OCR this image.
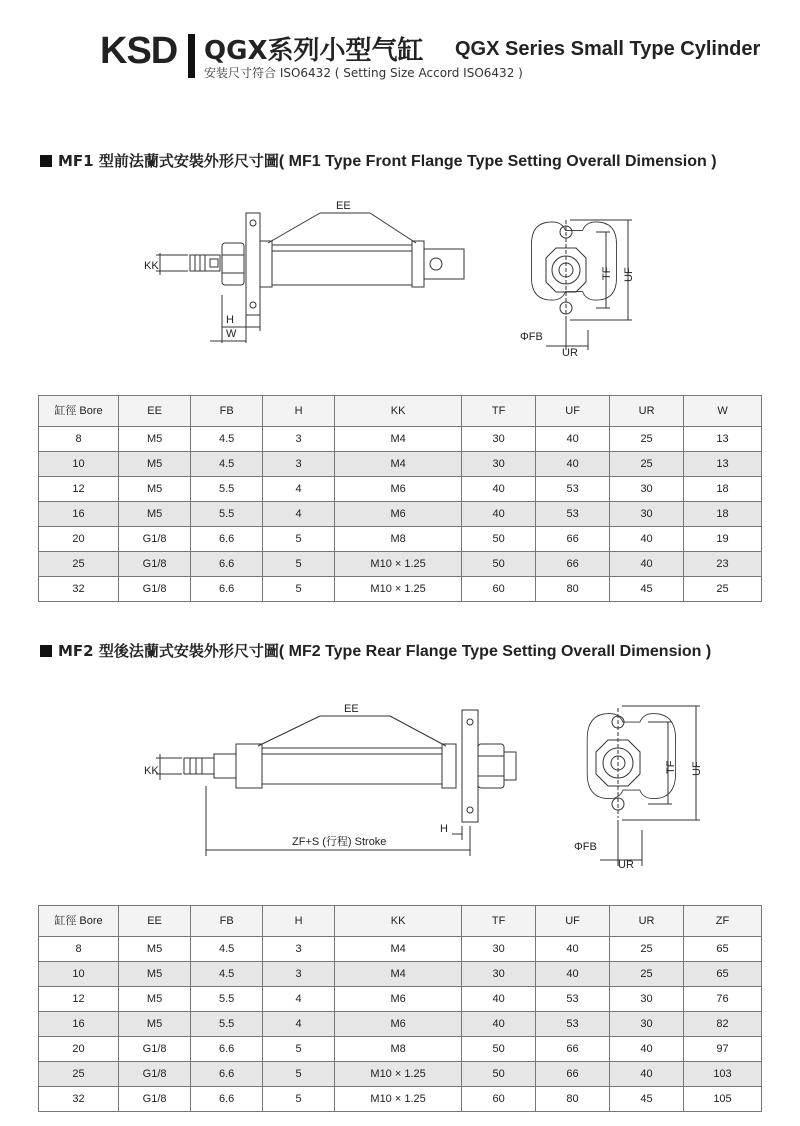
KSD QGX系列小型气缸 QGX Series Small Type Cylinder
安装尺寸符合 ISO6432 ( Setting Size Accord ISO6432 )
MF1 型前法蘭式安裝外形尺寸圖( MF1 Type Front Flange Type Setting Overall Dimension )
EE
KK
H
W
TF UF
ΦFB
UR
缸徑 Bore	EE	FB	H	KK	TF	UF	UR	W
8	M5	4.5	3	M4	30	40	25	13
10	M5	4.5	3	M4	30	40	25	13
12	M5	5.5	4	M6	40	53	30	18
16	M5	5.5	4	M6	40	53	30	18
20	G1/8	6.6	5	M8	50	66	40	19
25	G1/8	6.6	5	M10 × 1.25	50	66	40	23
32	G1/8	6.6	5	M10 × 1.25	60	80	45	25
MF2 型後法蘭式安裝外形尺寸圖( MF2 Type Rear Flange Type Setting Overall Dimension )
EE
KK
H
ZF+S (行程) Stroke
TF UF
ΦFB
UR
缸徑 Bore	EE	FB	H	KK	TF	UF	UR	ZF
8	M5	4.5	3	M4	30	40	25	65
10	M5	4.5	3	M4	30	40	25	65
12	M5	5.5	4	M6	40	53	30	76
16	M5	5.5	4	M6	40	53	30	82
20	G1/8	6.6	5	M8	50	66	40	97
25	G1/8	6.6	5	M10 × 1.25	50	66	40	103
32	G1/8	6.6	5	M10 × 1.25	60	80	45	105
